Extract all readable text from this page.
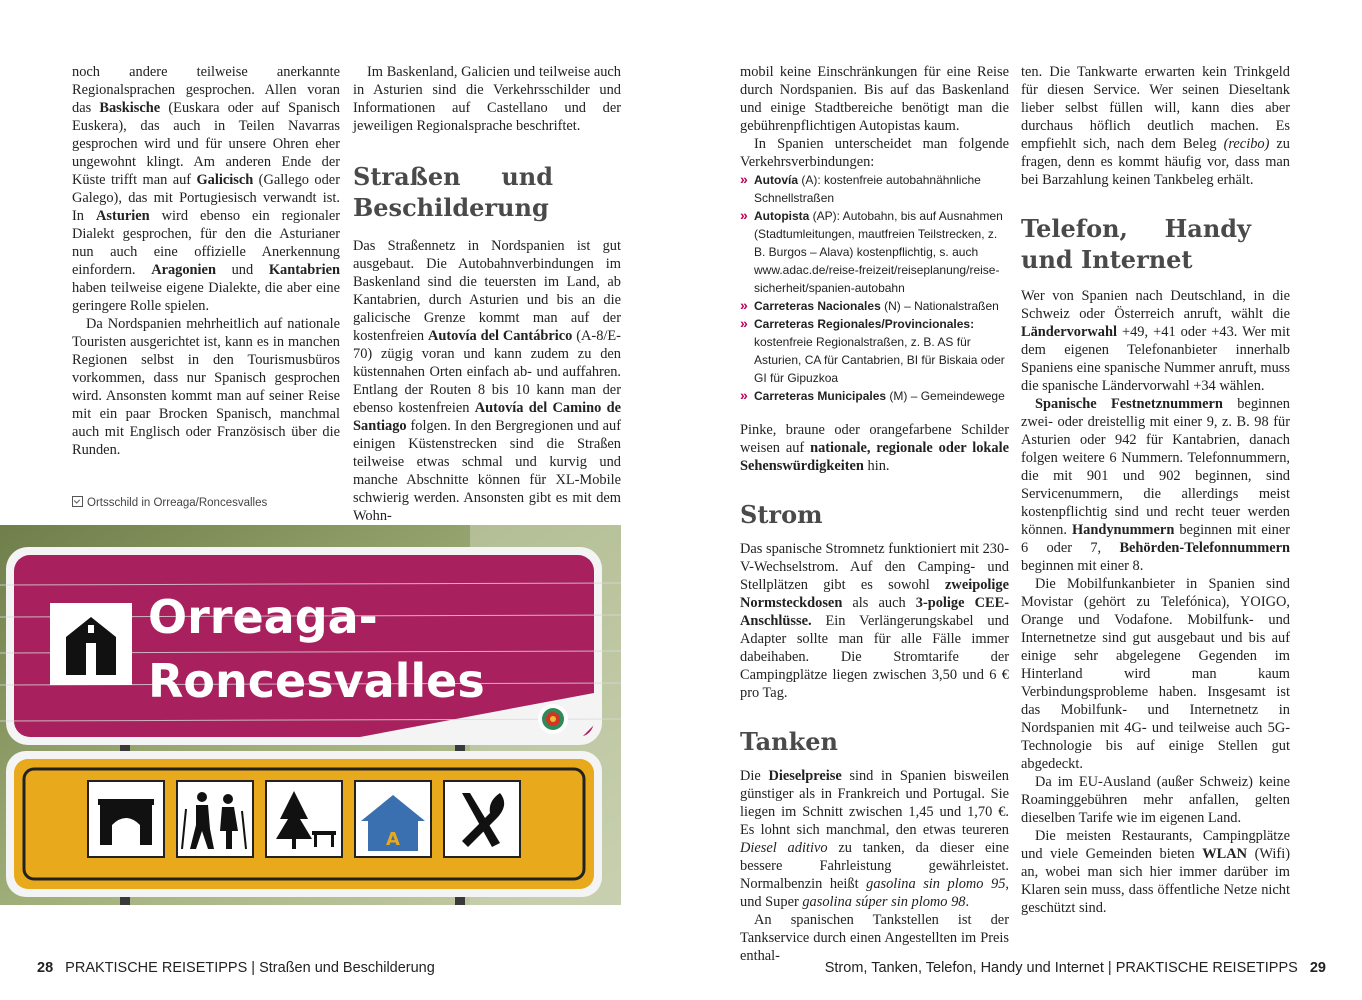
noch andere teilweise anerkannte Regionalsprachen gesprochen. Allen voran das Baskische (Euskara oder auf Spanisch Euskera), das auch in Teilen Navarras gesprochen wird und für unsere Ohren eher ungewohnt klingt. Am anderen Ende der Küste trifft man auf Galicisch (Gallego oder Galego), das mit Portugiesisch verwandt ist. In Asturien wird ebenso ein regionaler Dialekt gesprochen, für den die Asturianer nun auch eine offizielle Anerkennung einfordern. Aragonien und Kantabrien haben teilweise eigene Dialekte, die aber eine geringere Rolle spielen.

Da Nordspanien mehrheitlich auf nationale Touristen ausgerichtet ist, kann es in manchen Regionen selbst in den Tourismusbüros vorkommen, dass nur Spanisch gesprochen wird. Ansonsten kommt man auf seiner Reise mit ein paar Brocken Spanisch, manchmal auch mit Englisch oder Französisch über die Runden.

Im Baskenland, Galicien und teilweise auch in Asturien sind die Verkehrsschilder und Informationen auf Castellano und der jeweiligen Regionalsprache beschriftet.

Straßen und Beschilderung

Das Straßennetz in Nordspanien ist gut ausgebaut. Die Autobahnverbindungen im Baskenland sind die teuersten im Land, ab Kantabrien, durch Asturien und bis an die galicische Grenze kommt man auf der kostenfreien Autovía del Cantábrico (A-8/E-70) zügig voran und kann zudem zu den küstennahen Orten einfach ab- und auffahren. Entlang der Routen 8 bis 10 kann man der ebenso kostenfreien Autovía del Camino de Santiago folgen. In den Bergregionen und auf einigen Küstenstrecken sind die Straßen teilweise etwas schmal und kurvig und manche Abschnitte können für XL-Mobile schwierig werden. Ansonsten gibt es mit dem Wohn-

Ortsschild in Orreaga/Roncesvalles
Orreaga-
Roncesvalles
A
28 PRAKTISCHE REISETIPPS | Straßen und Beschilderung

mobil keine Einschränkungen für eine Reise durch Nordspanien. Bis auf das Baskenland und einige Stadtbereiche benötigt man die gebührenpflichtigen Autopistas kaum.

In Spanien unterscheidet man folgende Verkehrsverbindungen:

» Autovía (A): kostenfreie autobahnähnliche Schnellstraßen
» Autopista (AP): Autobahn, bis auf Ausnahmen (Stadtumleitungen, mautfreien Teilstrecken, z. B. Burgos – Alava) kostenpflichtig, s. auch www.adac.de/reise-freizeit/reiseplanung/reise-sicherheit/spanien-autobahn
» Carreteras Nacionales (N) – Nationalstraßen
» Carreteras Regionales/Provincionales: kostenfreie Regionalstraßen, z. B. AS für Asturien, CA für Cantabrien, BI für Biskaia oder GI für Gipuzkoa
» Carreteras Municipales (M) – Gemeindewege

Pinke, braune oder orangefarbene Schilder weisen auf nationale, regionale oder lokale Sehenswürdigkeiten hin.

Strom

Das spanische Stromnetz funktioniert mit 230-V-Wechselstrom. Auf den Camping- und Stellplätzen gibt es sowohl zweipolige Normsteckdosen als auch 3-polige CEE-Anschlüsse. Ein Verlängerungskabel und Adapter sollte man für alle Fälle immer dabeihaben. Die Stromtarife der Campingplätze liegen zwischen 3,50 und 6 € pro Tag.

Tanken

Die Dieselpreise sind in Spanien bisweilen günstiger als in Frankreich und Portugal. Sie liegen im Schnitt zwischen 1,45 und 1,70 €. Es lohnt sich manchmal, den etwas teureren Diesel aditivo zu tanken, da dieser eine bessere Fahrleistung gewährleistet. Normalbenzin heißt gasolina sin plomo 95, und Super gasolina súper sin plomo 98.

An spanischen Tankstellen ist der Tankservice durch einen Angestellten im Preis enthal-

ten. Die Tankwarte erwarten kein Trinkgeld für diesen Service. Wer seinen Dieseltank lieber selbst füllen will, kann dies aber durchaus höflich deutlich machen. Es empfiehlt sich, nach dem Beleg (recibo) zu fragen, denn es kommt häufig vor, dass man bei Barzahlung keinen Tankbeleg erhält.

Telefon, Handy und Internet

Wer von Spanien nach Deutschland, in die Schweiz oder Österreich anruft, wählt die Ländervorwahl +49, +41 oder +43. Wer mit dem eigenen Telefonanbieter innerhalb Spaniens eine spanische Nummer anruft, muss die spanische Ländervorwahl +34 wählen.

Spanische Festnetznummern beginnen zwei- oder dreistellig mit einer 9, z. B. 98 für Asturien oder 942 für Kantabrien, danach folgen weitere 6 Nummern. Telefonnummern, die mit 901 und 902 beginnen, sind Servicenummern, die allerdings meist kostenpflichtig sind und recht teuer werden können. Handynummern beginnen mit einer 6 oder 7, Behörden-Telefonnummern beginnen mit einer 8.

Die Mobilfunkanbieter in Spanien sind Movistar (gehört zu Telefónica), YOIGO, Orange und Vodafone. Mobilfunk- und Internetnetze sind gut ausgebaut und bis auf einige sehr abgelegene Gegenden im Hinterland wird man kaum Verbindungsprobleme haben. Insgesamt ist das Mobilfunk- und Internetnetz in Nordspanien mit 4G- und teilweise auch 5G-Technologie bis auf einige Stellen gut abgedeckt.

Da im EU-Ausland (außer Schweiz) keine Roaminggebühren mehr anfallen, gelten dieselben Tarife wie im eigenen Land.

Die meisten Restaurants, Campingplätze und viele Gemeinden bieten WLAN (Wifi) an, wobei man sich hier immer darüber im Klaren sein muss, dass öffentliche Netze nicht geschützt sind.

Strom, Tanken, Telefon, Handy und Internet | PRAKTISCHE REISETIPPS 29
